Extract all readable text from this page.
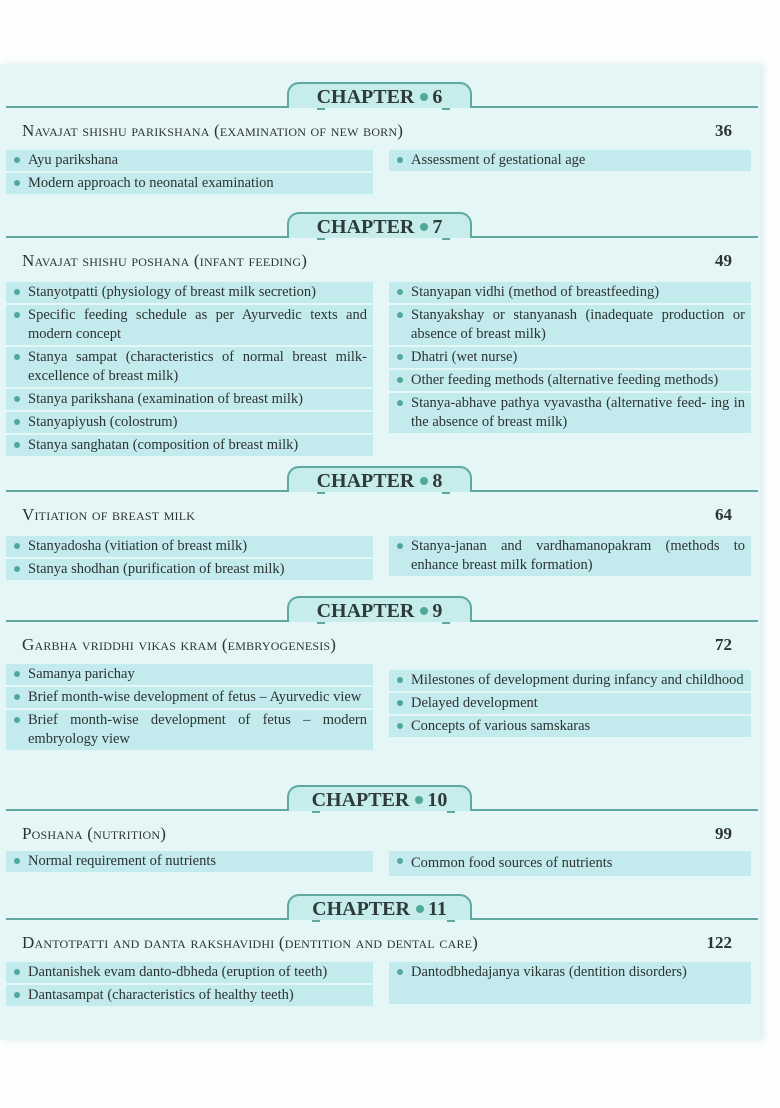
CHAPTER 6
Navajat shishu parikshana (examination of new born)	36
Ayu parikshana
Modern approach to neonatal examination
Assessment of gestational age
CHAPTER 7
Navajat shishu poshana (infant feeding)	49
Stanyotpatti (physiology of breast milk secretion)
Specific feeding schedule as per Ayurvedic texts and modern concept
Stanya sampat (characteristics of normal breast milk- excellence of breast milk)
Stanya parikshana (examination of breast milk)
Stanyapiyush (colostrum)
Stanya sanghatan (composition of breast milk)
Stanyapan vidhi (method of breastfeeding)
Stanyakshay or stanyanash (inadequate production or absence of breast milk)
Dhatri (wet nurse)
Other feeding methods (alternative feeding methods)
Stanya-abhave pathya vyavastha (alternative feed- ing in the absence of breast milk)
CHAPTER 8
Vitiation of breast milk	64
Stanyadosha (vitiation of breast milk)
Stanya shodhan (purification of breast milk)
Stanya-janan and vardhamanopakram (methods to enhance breast milk formation)
CHAPTER 9
Garbha vriddhi vikas kram (embryogenesis)	72
Samanya parichay
Brief month-wise development of fetus – Ayurvedic view
Brief month-wise development of fetus – modern embryology view
Milestones of development during infancy and childhood
Delayed development
Concepts of various samskaras
CHAPTER 10
Poshana (nutrition)	99
Normal requirement of nutrients	Common food sources of nutrients
CHAPTER 11
Dantotpatti and danta rakshavidhi (dentition and dental care)	122
Dantanishek evam danto-dbheda (eruption of teeth)
Dantasampat (characteristics of healthy teeth)
Dantodbhedajanya vikaras (dentition disorders)
